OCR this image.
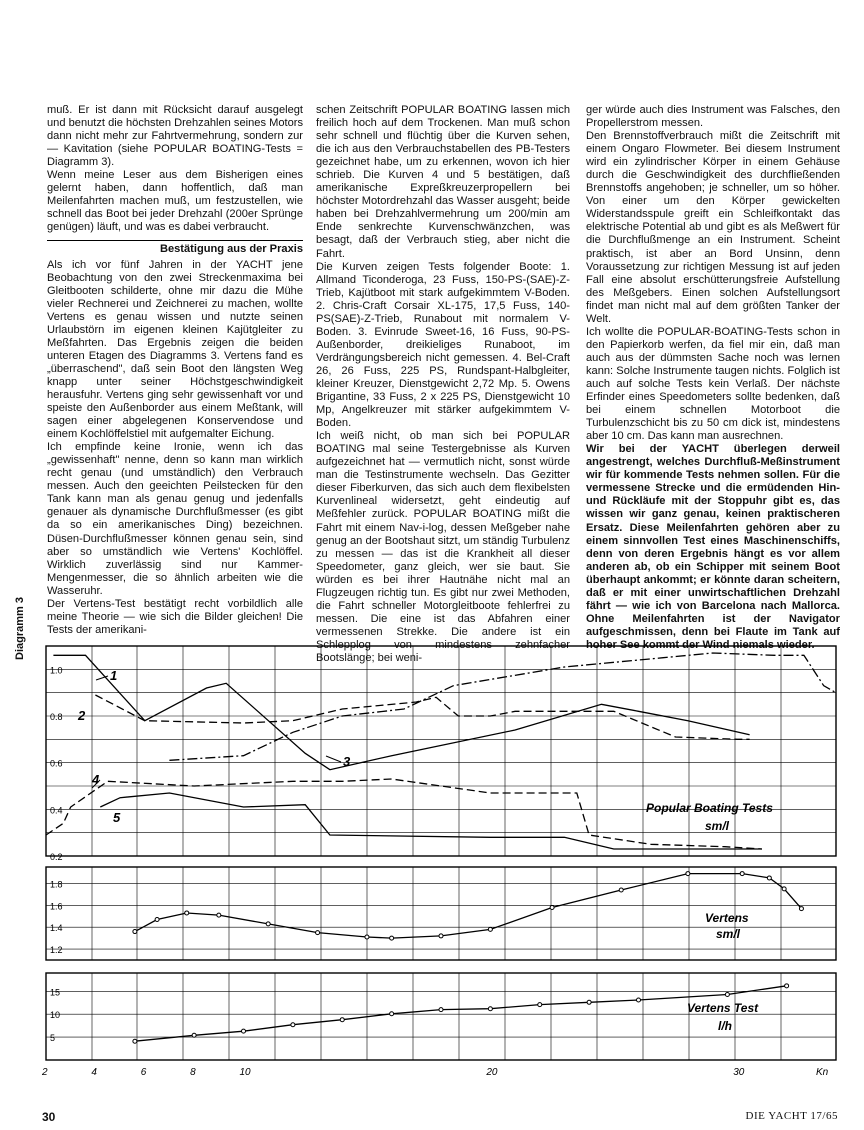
muß. Er ist dann mit Rücksicht darauf ausgelegt und benutzt die höchsten Drehzahlen seines Motors dann nicht mehr zur Fahrtvermehrung, sondern zur — Kavitation (siehe POPULAR BOATING-Tests = Diagramm 3).

Wenn meine Leser aus dem Bisherigen eines gelernt haben, dann hoffentlich, daß man Meilenfahrten machen muß, um festzustellen, wie schnell das Boot bei jeder Drehzahl (200er Sprünge genügen) läuft, und was es dabei verbraucht.

Bestätigung aus der Praxis

Als ich vor fünf Jahren in der YACHT jene Beobachtung von den zwei Streckenmaxima bei Gleitbooten schilderte, ohne mir dazu die Mühe vieler Rechnerei und Zeichnerei zu machen, wollte Vertens es genau wissen und nutzte seinen Urlaubstörn im eigenen kleinen Kajütgleiter zu Meßfahrten. Das Ergebnis zeigen die beiden unteren Etagen des Diagramms 3. Vertens fand es „überraschend", daß sein Boot den längsten Weg knapp unter seiner Höchstgeschwindigkeit herausfuhr. Vertens ging sehr gewissenhaft vor und speiste den Außenborder aus einem Meßtank, will sagen einer abgelegenen Konservendose und einem Kochlöffelstiel mit aufgemalter Eichung.

Ich empfinde keine Ironie, wenn ich das „gewissenhaft" nenne, denn so kann man wirklich recht genau (und umständlich) den Verbrauch messen. Auch den geeichten Peilstecken für den Tank kann man als genau genug und jedenfalls genauer als dynamische Durchflußmesser (es gibt da so ein amerikanisches Ding) bezeichnen. Düsen-Durchflußmesser können genau sein, sind aber so umständlich wie Vertens' Kochlöffel. Wirklich zuverlässig sind nur Kammer-Mengenmesser, die so ähnlich arbeiten wie die Wasseruhr.

Der Vertens-Test bestätigt recht vorbildlich alle meine Theorie — wie sich die Bilder gleichen! Die Tests der amerikani-

schen Zeitschrift POPULAR BOATING lassen mich freilich hoch auf dem Trockenen. Man muß schon sehr schnell und flüchtig über die Kurven sehen, die ich aus den Verbrauchstabellen des PB-Testers gezeichnet habe, um zu erkennen, wovon ich hier schrieb. Die Kurven 4 und 5 bestätigen, daß amerikanische Expreßkreuzerpropellern bei höchster Motordrehzahl das Wasser ausgeht; beide haben bei Drehzahlvermehrung um 200/min am Ende senkrechte Kurvenschwänzchen, was besagt, daß der Verbrauch stieg, aber nicht die Fahrt.

Die Kurven zeigen Tests folgender Boote: 1. Allmand Ticonderoga, 23 Fuss, 150-PS-(SAE)-Z-Trieb, Kajütboot mit stark aufgekimmtem V-Boden. 2. Chris-Craft Corsair XL-175, 17,5 Fuss, 140-PS(SAE)-Z-Trieb, Runabout mit normalem V-Boden. 3. Evinrude Sweet-16, 16 Fuss, 90-PS-Außenborder, dreikieliges Runaboot, im Verdrängungsbereich nicht gemessen. 4. Bel-Craft 26, 26 Fuss, 225 PS, Rundspant-Halbgleiter, kleiner Kreuzer, Dienstgewicht 2,72 Mp. 5. Owens Brigantine, 33 Fuss, 2 x 225 PS, Dienstgewicht 10 Mp, Angelkreuzer mit stärker aufgekimmtem V-Boden.

Ich weiß nicht, ob man sich bei POPULAR BOATING mal seine Testergebnisse als Kurven aufgezeichnet hat — vermutlich nicht, sonst würde man die Testinstrumente wechseln. Das Gezitter dieser Fiberkurven, das sich auch dem flexibelsten Kurvenlineal widersetzt, geht eindeutig auf Meßfehler zurück. POPULAR BOATING mißt die Fahrt mit einem Nav-i-log, dessen Meßgeber nahe genug an der Bootshaut sitzt, um ständig Turbulenz zu messen — das ist die Krankheit all dieser Speedometer, ganz gleich, wer sie baut. Sie würden es bei ihrer Hautnähe nicht mal an Flugzeugen richtig tun. Es gibt nur zwei Methoden, die Fahrt schneller Motorgleitboote fehlerfrei zu messen. Die eine ist das Abfahren einer vermessenen Strekke. Die andere ist ein Schlepplog von mindestens zehnfacher Bootslänge; bei weni-

ger würde auch dies Instrument was Falsches, den Propellerstrom messen.

Den Brennstoffverbrauch mißt die Zeitschrift mit einem Ongaro Flowmeter. Bei diesem Instrument wird ein zylindrischer Körper in einem Gehäuse durch die Geschwindigkeit des durchfließenden Brennstoffs angehoben; je schneller, um so höher. Von einer um den Körper gewickelten Widerstandsspule greift ein Schleifkontakt das elektrische Potential ab und gibt es als Meßwert für die Durchflußmenge an ein Instrument. Scheint praktisch, ist aber an Bord Unsinn, denn Voraussetzung zur richtigen Messung ist auf jeden Fall eine absolut erschütterungsfreie Aufstellung des Meßgebers. Einen solchen Aufstellungsort findet man nicht mal auf dem größten Tanker der Welt.

Ich wollte die POPULAR-BOATING-Tests schon in den Papierkorb werfen, da fiel mir ein, daß man auch aus der dümmsten Sache noch was lernen kann: Solche Instrumente taugen nichts. Folglich ist auch auf solche Tests kein Verlaß. Der nächste Erfinder eines Speedometers sollte bedenken, daß bei einem schnellen Motorboot die Turbulenzschicht bis zu 50 cm dick ist, mindestens aber 10 cm. Das kann man ausrechnen.

Wir bei der YACHT überlegen derweil angestrengt, welches Durchfluß-Meßinstrument wir für kommende Tests nehmen sollen. Für die vermessene Strecke und die ermüdenden Hin- und Rückläufe mit der Stoppuhr gibt es, das wissen wir ganz genau, keinen praktischeren Ersatz. Diese Meilenfahrten gehören aber zu einem sinnvollen Test eines Maschinenschiffs, denn von deren Ergebnis hängt es vor allem anderen ab, ob ein Schipper mit seinem Boot überhaupt ankommt; er könnte daran scheitern, daß er mit einer unwirtschaftlichen Drehzahl fährt — wie ich von Barcelona nach Mallorca. Ohne Meilenfahrten ist der Navigator aufgeschmissen, denn bei Flaute im Tank auf hoher See kommt der Wind niemals wieder.

Diagramm 3
1.0
0.8
0.6
0.4
0.2
1.8
1.6
1.4
1.2
15
10
5
Popular Boating Tests
sm/l
Vertens
sm/l
Vertens Test
l/h
1
2
3
4
5
2	4	6	8	10	20	30	Kn
30	DIE YACHT 17/65
